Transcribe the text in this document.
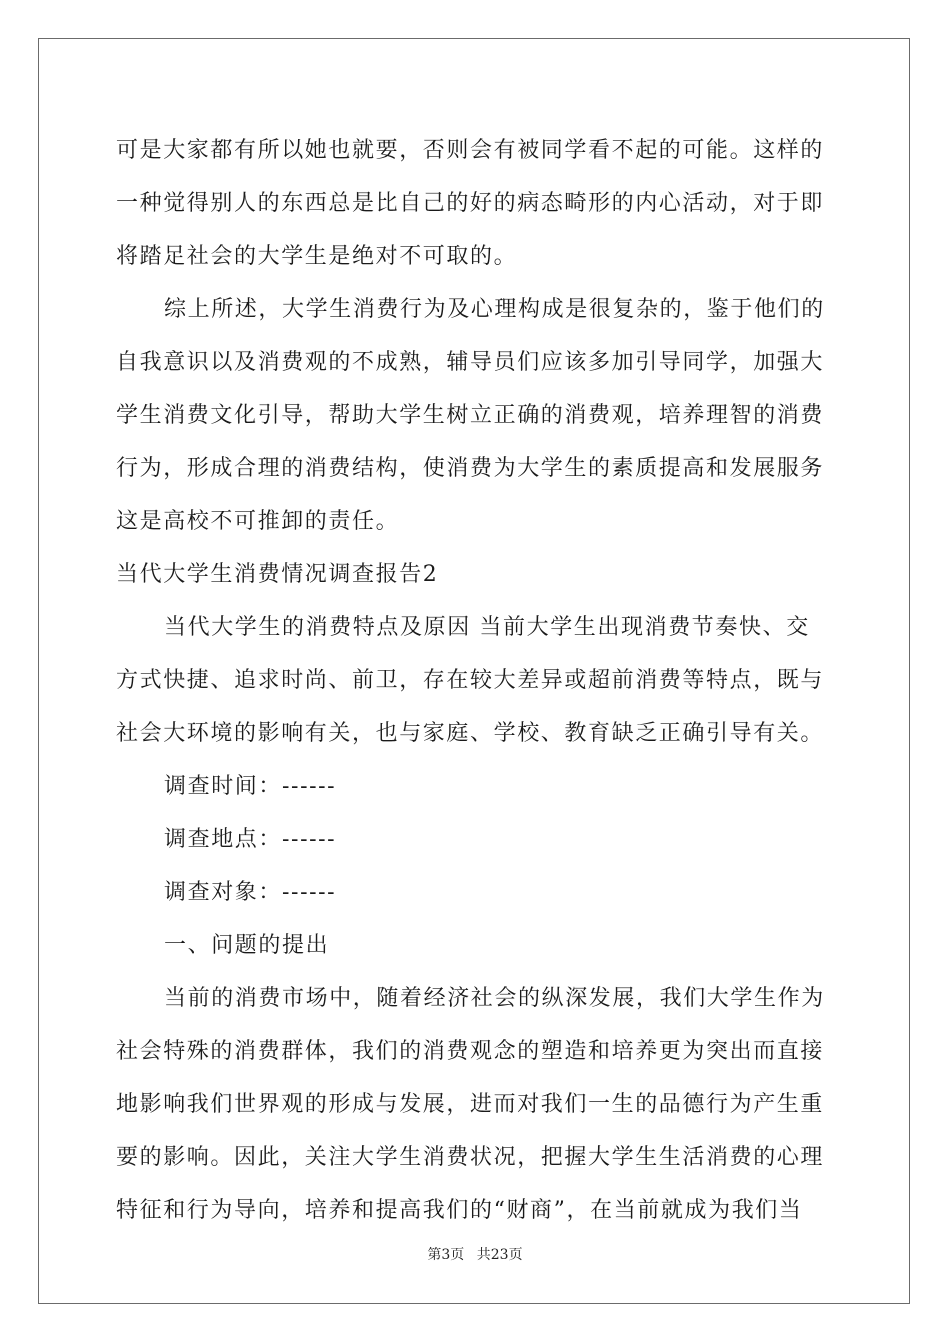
可是大家都有所以她也就要，否则会有被同学看不起的可能。这样的
一种觉得别人的东西总是比自己的好的病态畸形的内心活动，对于即
将踏足社会的大学生是绝对不可取的。
综上所述，大学生消费行为及心理构成是很复杂的，鉴于他们的
自我意识以及消费观的不成熟，辅导员们应该多加引导同学，加强大
学生消费文化引导，帮助大学生树立正确的消费观，培养理智的消费
行为，形成合理的消费结构，使消费为大学生的素质提高和发展服务
这是高校不可推卸的责任。
当代大学生消费情况调查报告2
当代大学生的消费特点及原因 当前大学生出现消费节奏快、交
方式快捷、追求时尚、前卫，存在较大差异或超前消费等特点，既与
社会大环境的影响有关，也与家庭、学校、教育缺乏正确引导有关。
调查时间：------
调查地点：------
调查对象：------
一、问题的提出
当前的消费市场中，随着经济社会的纵深发展，我们大学生作为
社会特殊的消费群体，我们的消费观念的塑造和培养更为突出而直接
地影响我们世界观的形成与发展，进而对我们一生的品德行为产生重
要的影响。因此，关注大学生消费状况，把握大学生生活消费的心理
特征和行为导向，培养和提高我们的“财商”，在当前就成为我们当
第3页 共23页
